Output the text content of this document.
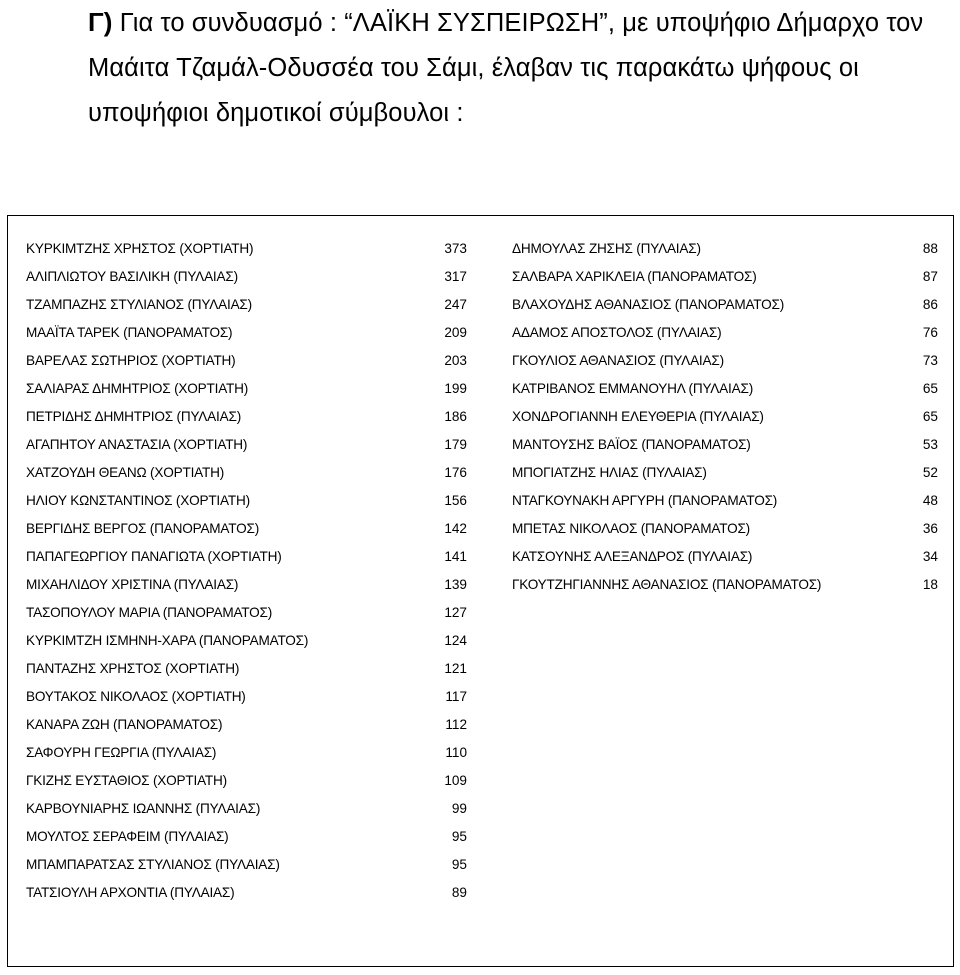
Γ) Για το συνδυασμό : “ΛΑΪΚΗ ΣΥΣΠΕΙΡΩΣΗ”, με υποψήφιο Δήμαρχο τον Μαάιτα Τζαμάλ-Οδυσσέα του Σάμι, έλαβαν τις παρακάτω ψήφους οι υποψήφιοι δημοτικοί σύμβουλοι :
ΚΥΡΚΙΜΤΖΗΣ ΧΡΗΣΤΟΣ (ΧΟΡΤΙΑΤΗ)	373
ΑΛΙΠΛΙΩΤΟΥ ΒΑΣΙΛΙΚΗ (ΠΥΛΑΙΑΣ)	317
ΤΖΑΜΠΑΖΗΣ ΣΤΥΛΙΑΝΟΣ (ΠΥΛΑΙΑΣ)	247
ΜΑΑΪΤΑ ΤΑΡΕΚ (ΠΑΝΟΡΑΜΑΤΟΣ)	209
ΒΑΡΕΛΑΣ ΣΩΤΗΡΙΟΣ (ΧΟΡΤΙΑΤΗ)	203
ΣΑΛΙΑΡΑΣ ΔΗΜΗΤΡΙΟΣ (ΧΟΡΤΙΑΤΗ)	199
ΠΕΤΡΙΔΗΣ ΔΗΜΗΤΡΙΟΣ (ΠΥΛΑΙΑΣ)	186
ΑΓΑΠΗΤΟΥ ΑΝΑΣΤΑΣΙΑ (ΧΟΡΤΙΑΤΗ)	179
ΧΑΤΖΟΥΔΗ ΘΕΑΝΩ (ΧΟΡΤΙΑΤΗ)	176
ΗΛΙΟΥ ΚΩΝΣΤΑΝΤΙΝΟΣ (ΧΟΡΤΙΑΤΗ)	156
ΒΕΡΓΙΔΗΣ ΒΕΡΓΟΣ (ΠΑΝΟΡΑΜΑΤΟΣ)	142
ΠΑΠΑΓΕΩΡΓΙΟΥ ΠΑΝΑΓΙΩΤΑ (ΧΟΡΤΙΑΤΗ)	141
ΜΙΧΑΗΛΙΔΟΥ ΧΡΙΣΤΙΝΑ (ΠΥΛΑΙΑΣ)	139
ΤΑΣΟΠΟΥΛΟΥ ΜΑΡΙΑ (ΠΑΝΟΡΑΜΑΤΟΣ)	127
ΚΥΡΚΙΜΤΖΗ ΙΣΜΗΝΗ-ΧΑΡΑ (ΠΑΝΟΡΑΜΑΤΟΣ)	124
ΠΑΝΤΑΖΗΣ ΧΡΗΣΤΟΣ (ΧΟΡΤΙΑΤΗ)	121
ΒΟΥΤΑΚΟΣ ΝΙΚΟΛΑΟΣ (ΧΟΡΤΙΑΤΗ)	117
ΚΑΝΑΡΑ ΖΩΗ (ΠΑΝΟΡΑΜΑΤΟΣ)	112
ΣΑΦΟΥΡΗ ΓΕΩΡΓΙΑ (ΠΥΛΑΙΑΣ)	110
ΓΚΙΖΗΣ ΕΥΣΤΑΘΙΟΣ (ΧΟΡΤΙΑΤΗ)	109
ΚΑΡΒΟΥΝΙΑΡΗΣ ΙΩΑΝΝΗΣ (ΠΥΛΑΙΑΣ)	99
ΜΟΥΛΤΟΣ ΣΕΡΑΦΕΙΜ (ΠΥΛΑΙΑΣ)	95
ΜΠΑΜΠΑΡΑΤΣΑΣ ΣΤΥΛΙΑΝΟΣ (ΠΥΛΑΙΑΣ)	95
ΤΑΤΣΙΟΥΛΗ ΑΡΧΟΝΤΙΑ (ΠΥΛΑΙΑΣ)	89
ΔΗΜΟΥΛΑΣ ΖΗΣΗΣ (ΠΥΛΑΙΑΣ)	88
ΣΑΛΒΑΡΑ ΧΑΡΙΚΛΕΙΑ (ΠΑΝΟΡΑΜΑΤΟΣ)	87
ΒΛΑΧΟΥΔΗΣ ΑΘΑΝΑΣΙΟΣ (ΠΑΝΟΡΑΜΑΤΟΣ)	86
ΑΔΑΜΟΣ ΑΠΟΣΤΟΛΟΣ (ΠΥΛΑΙΑΣ)	76
ΓΚΟΥΛΙΟΣ ΑΘΑΝΑΣΙΟΣ (ΠΥΛΑΙΑΣ)	73
ΚΑΤΡΙΒΑΝΟΣ ΕΜΜΑΝΟΥΗΛ (ΠΥΛΑΙΑΣ)	65
ΧΟΝΔΡΟΓΙΑΝΝΗ ΕΛΕΥΘΕΡΙΑ (ΠΥΛΑΙΑΣ)	65
ΜΑΝΤΟΥΣΗΣ ΒΑΪΟΣ (ΠΑΝΟΡΑΜΑΤΟΣ)	53
ΜΠΟΓΙΑΤΖΗΣ ΗΛΙΑΣ (ΠΥΛΑΙΑΣ)	52
ΝΤΑΓΚΟΥΝΑΚΗ ΑΡΓΥΡΗ (ΠΑΝΟΡΑΜΑΤΟΣ)	48
ΜΠΕΤΑΣ ΝΙΚΟΛΑΟΣ (ΠΑΝΟΡΑΜΑΤΟΣ)	36
ΚΑΤΣΟΥΝΗΣ ΑΛΕΞΑΝΔΡΟΣ (ΠΥΛΑΙΑΣ)	34
ΓΚΟΥΤΖΗΓΙΑΝΝΗΣ ΑΘΑΝΑΣΙΟΣ (ΠΑΝΟΡΑΜΑΤΟΣ)	18
